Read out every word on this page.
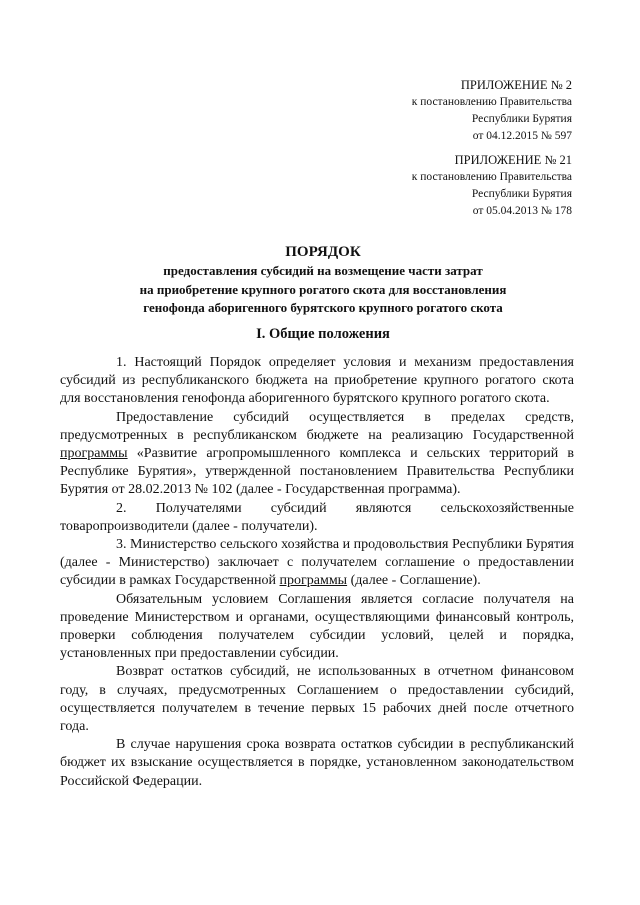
ПРИЛОЖЕНИЕ № 2
к постановлению Правительства
Республики Бурятия
от 04.12.2015 № 597
ПРИЛОЖЕНИЕ № 21
к постановлению Правительства
Республики Бурятия
от 05.04.2013 № 178
ПОРЯДОК
предоставления субсидий на возмещение части затрат
на приобретение крупного рогатого скота для восстановления
генофонда аборигенного бурятского крупного рогатого скота
I. Общие положения

1. Настоящий Порядок определяет условия и механизм предоставления субсидий из республиканского бюджета на приобретение крупного рогатого скота для восстановления генофонда аборигенного бурятского крупного рогатого скота.

Предоставление субсидий осуществляется в пределах средств, предусмотренных в республиканском бюджете на реализацию Государственной программы «Развитие агропромышленного комплекса и сельских территорий в Республике Бурятия», утвержденной постановлением Правительства Республики Бурятия от 28.02.2013 № 102 (далее - Государственная программа).

2. Получателями субсидий являются сельскохозяйственные товаропроизводители (далее - получатели).

3. Министерство сельского хозяйства и продовольствия Республики Бурятия (далее - Министерство) заключает с получателем соглашение о предоставлении субсидии в рамках Государственной программы (далее - Соглашение).

Обязательным условием Соглашения является согласие получателя на проведение Министерством и органами, осуществляющими финансовый контроль, проверки соблюдения получателем субсидии условий, целей и порядка, установленных при предоставлении субсидии.

Возврат остатков субсидий, не использованных в отчетном финансовом году, в случаях, предусмотренных Соглашением о предоставлении субсидий, осуществляется получателем в течение первых 15 рабочих дней после отчетного года.

В случае нарушения срока возврата остатков субсидии в республиканский бюджет их взыскание осуществляется в порядке, установленном законодательством Российской Федерации.
